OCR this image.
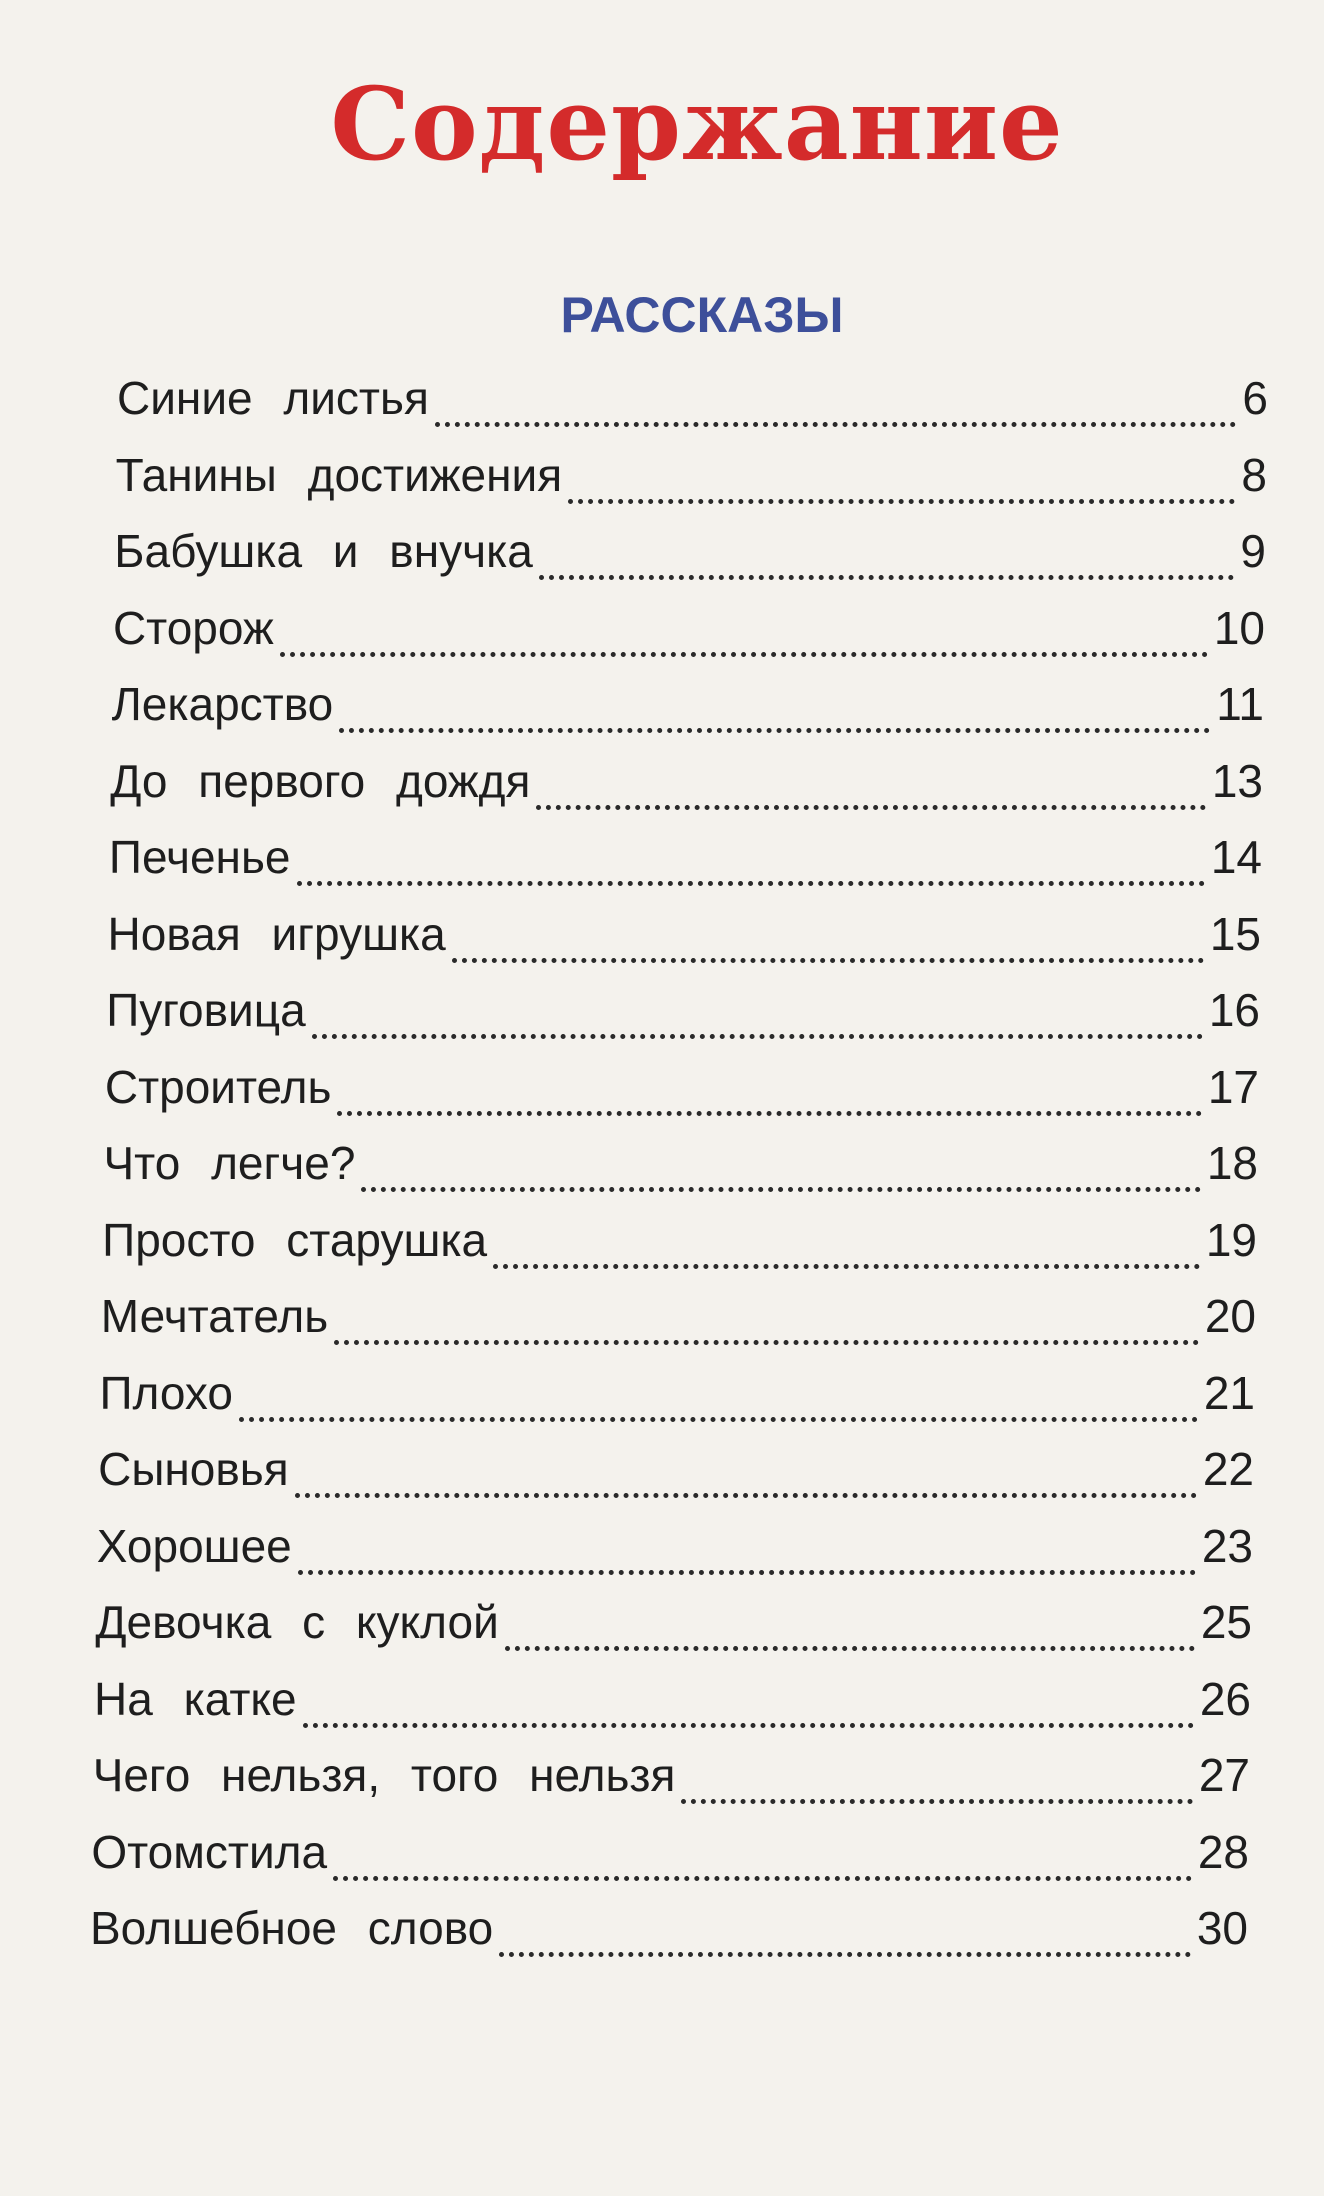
Содержание
РАССКАЗЫ
Синие листья	6
Танины достижения	8
Бабушка и внучка	9
Сторож	10
Лекарство	11
До первого дождя	13
Печенье	14
Новая игрушка	15
Пуговица	16
Строитель	17
Что легче?	18
Просто старушка	19
Мечтатель	20
Плохо	21
Сыновья	22
Хорошее	23
Девочка с куклой	25
На катке	26
Чего нельзя, того нельзя	27
Отомстила	28
Волшебное слово	30
